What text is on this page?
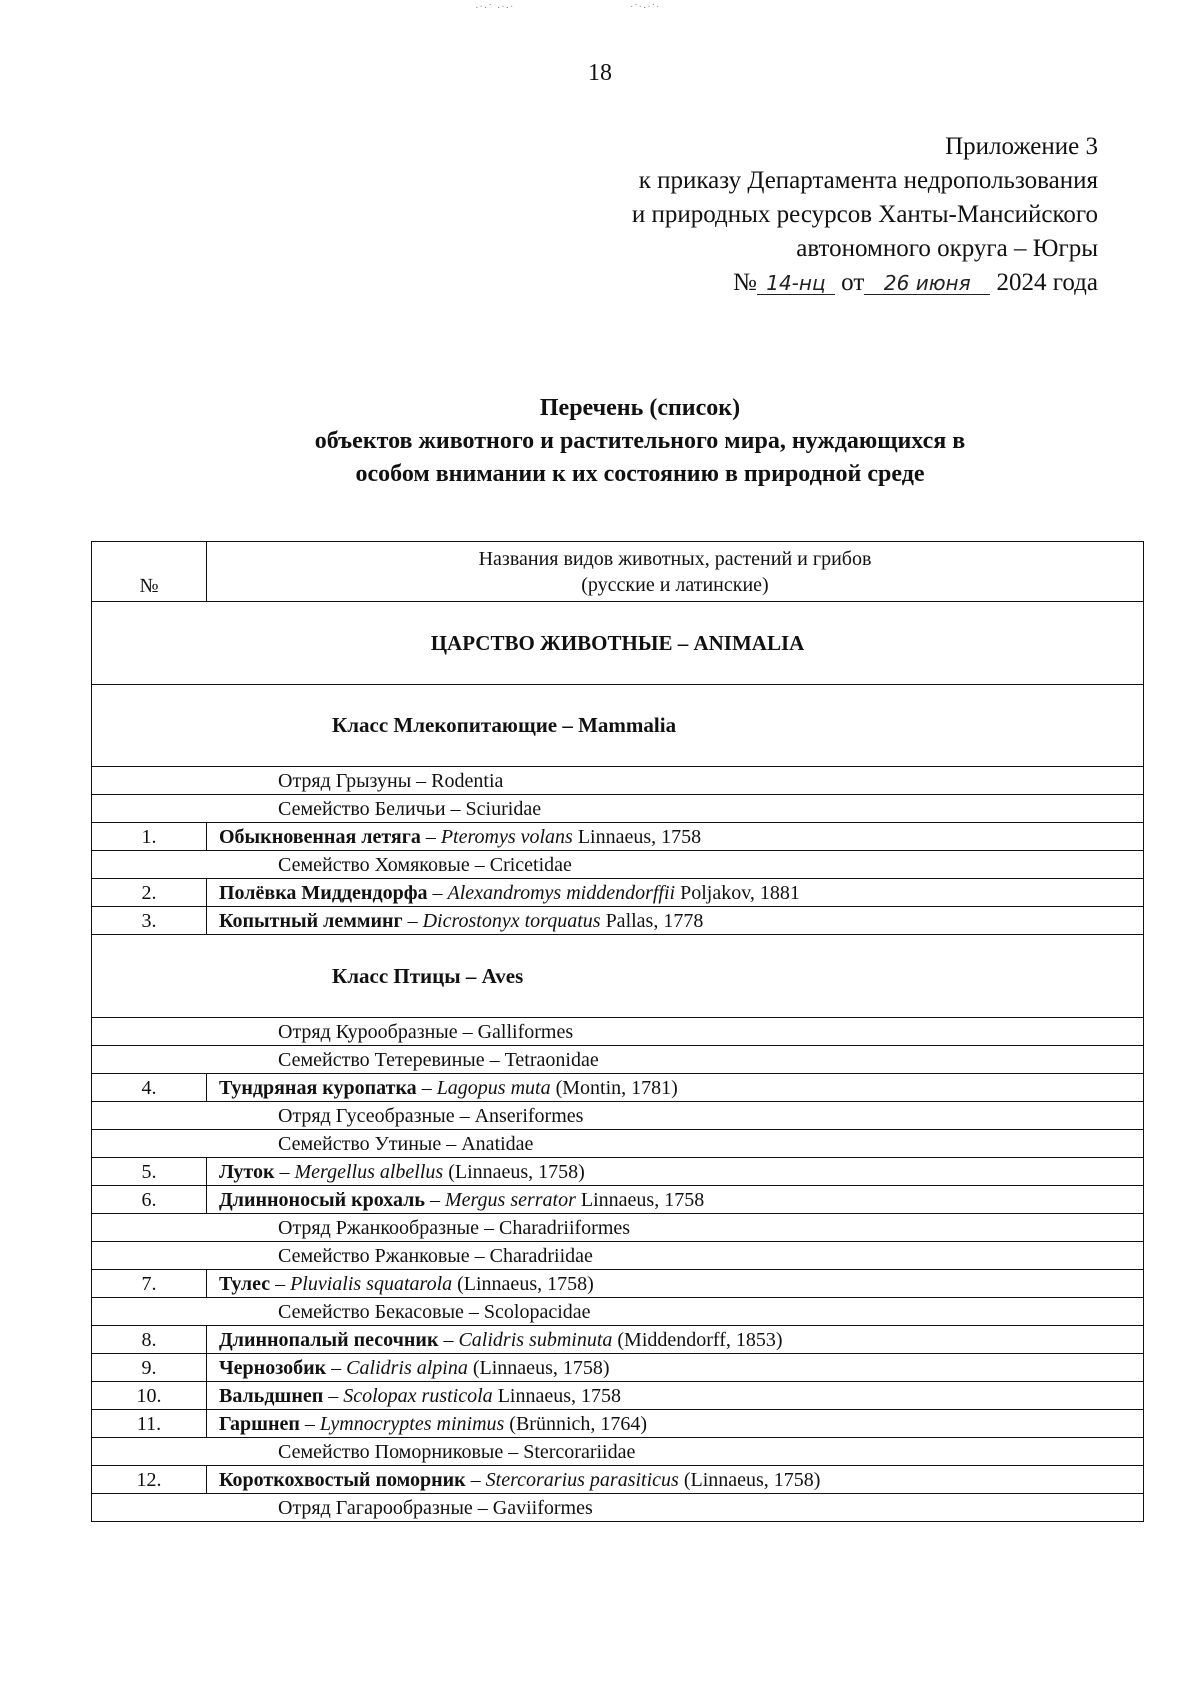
·ˑ·˙ ·ˑ·ˑ	ˑ˙ˑ·ˑ˙ˑ
18
Приложение 3
к приказу Департамента недропользования
и природных ресурсов Ханты-Мансийского
автономного округа – Югры
№ 14-нц от 26 июня 2024 года
Перечень (список)
объектов животного и растительного мира, нуждающихся в
особом внимании к их состоянию в природной среде
№	Названия видов животных, растений и грибов
(русские и латинские)

ЦАРСТВО ЖИВОТНЫЕ – ANIMALIA	
Класс Млекопитающие – Mammalia	
Отряд Грызуны – Rodentia	
Семейство Беличьи – Sciuridae	
1.	Обыкновенная летяга – Pteromys volans Linnaeus, 1758
Семейство Хомяковые – Cricetidae	
2.	Полёвка Миддендорфа – Alexandromys middendorffii Poljakov, 1881
3.	Копытный лемминг – Dicrostonyx torquatus Pallas, 1778
Класс Птицы – Aves	
Отряд Курообразные – Galliformes	
Семейство Тетеревиные – Tetraonidae	
4.	Тундряная куропатка – Lagopus muta (Montin, 1781)
Отряд Гусеобразные – Anseriformes	
Семейство Утиные – Anatidae	
5.	Луток – Mergellus albellus (Linnaeus, 1758)
6.	Длинноносый крохаль – Mergus serrator Linnaeus, 1758
Отряд Ржанкообразные – Charadriiformes	
Семейство Ржанковые – Charadriidae	
7.	Тулес – Pluvialis squatarola (Linnaeus, 1758)
Семейство Бекасовые – Scolopacidae	
8.	Длиннопалый песочник – Calidris subminuta (Middendorff, 1853)
9.	Чернозобик – Calidris alpina (Linnaeus, 1758)
10.	Вальдшнеп – Scolopax rusticola Linnaeus, 1758
11.	Гаршнеп – Lymnocryptes minimus (Brünnich, 1764)
Семейство Поморниковые – Stercorariidae	
12.	Короткохвостый поморник – Stercorarius parasiticus (Linnaeus, 1758)
Отряд Гагарообразные – Gaviiformes	
